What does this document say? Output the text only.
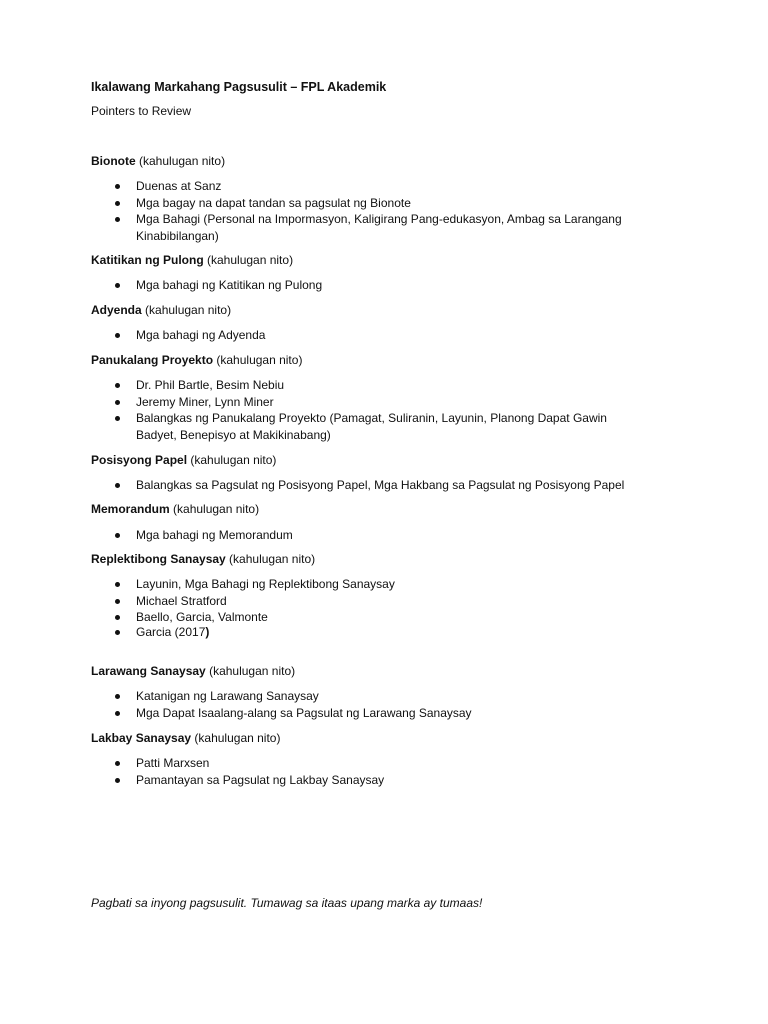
Ikalawang Markahang Pagsusulit – FPL Akademik
Pointers to Review
Bionote (kahulugan nito)
Duenas at Sanz
Mga bagay na dapat tandan sa pagsulat ng Bionote
Mga Bahagi (Personal na Impormasyon, Kaligirang Pang-edukasyon, Ambag sa Larangang
Kinabibilangan)
Katitikan ng Pulong (kahulugan nito)
Mga bahagi ng Katitikan ng Pulong
Adyenda (kahulugan nito)
Mga bahagi ng Adyenda
Panukalang Proyekto (kahulugan nito)
Dr. Phil Bartle, Besim Nebiu
Jeremy Miner, Lynn Miner
Balangkas ng Panukalang Proyekto (Pamagat, Suliranin, Layunin, Planong Dapat Gawin
Badyet, Benepisyo at Makikinabang)
Posisyong Papel (kahulugan nito)
Balangkas sa Pagsulat ng Posisyong Papel, Mga Hakbang sa Pagsulat ng Posisyong Papel
Memorandum (kahulugan nito)
Mga bahagi ng Memorandum
Replektibong Sanaysay (kahulugan nito)
Layunin, Mga Bahagi ng Replektibong Sanaysay
Michael Stratford
Baello, Garcia, Valmonte
Garcia (2017)
Larawang Sanaysay (kahulugan nito)
Katanigan ng Larawang Sanaysay
Mga Dapat Isaalang-alang sa Pagsulat ng Larawang Sanaysay
Lakbay Sanaysay (kahulugan nito)
Patti Marxsen
Pamantayan sa Pagsulat ng Lakbay Sanaysay
Pagbati sa inyong pagsusulit. Tumawag sa itaas upang marka ay tumaas!
